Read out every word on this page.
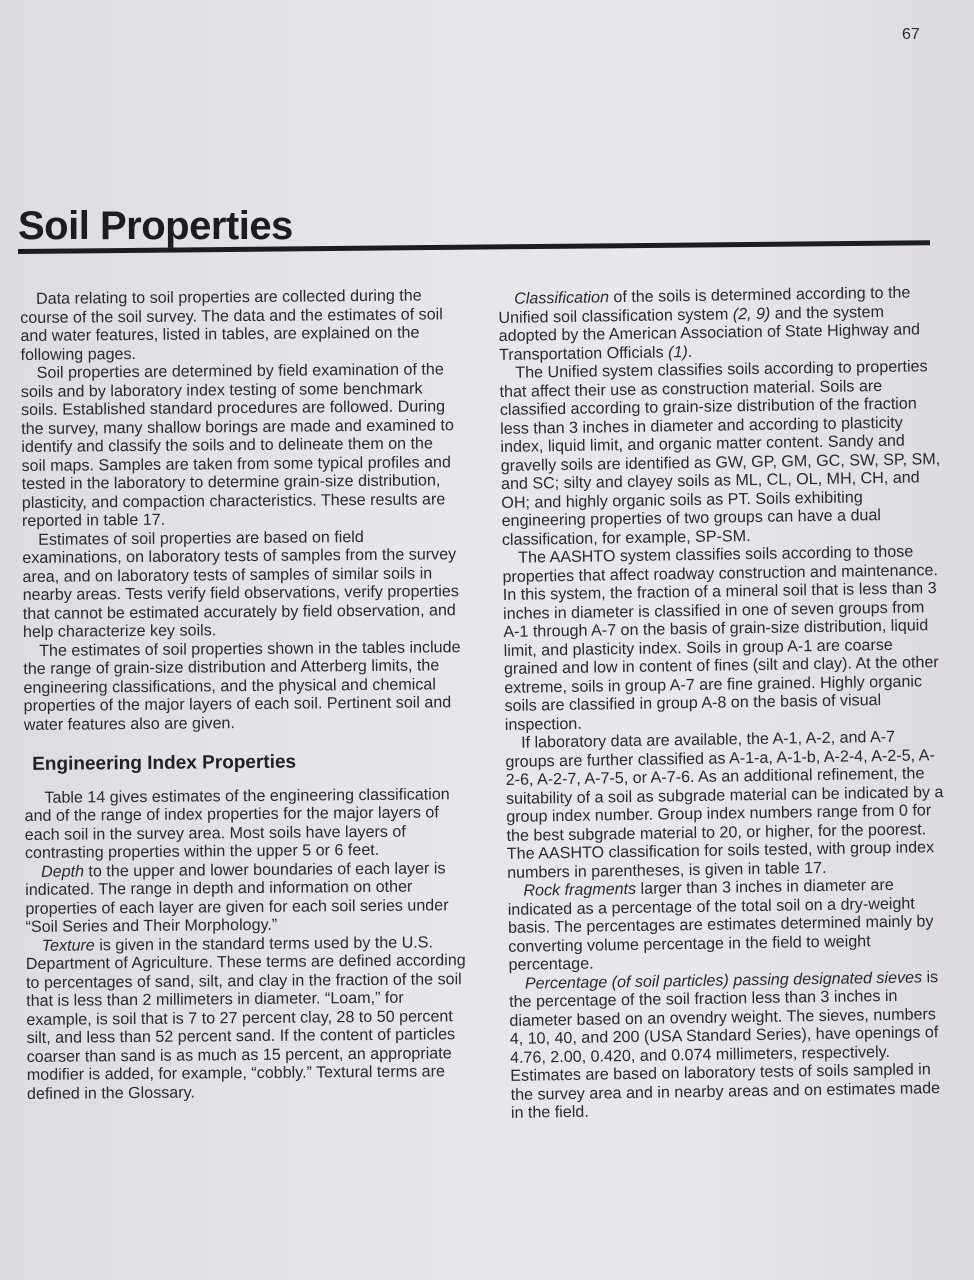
67
Soil Properties

Data relating to soil properties are collected during the course of the soil survey. The data and the estimates of soil and water features, listed in tables, are explained on the following pages.

Soil properties are determined by field examination of the soils and by laboratory index testing of some benchmark soils. Established standard procedures are followed. During the survey, many shallow borings are made and examined to identify and classify the soils and to delineate them on the soil maps. Samples are taken from some typical profiles and tested in the laboratory to determine grain-size distribution, plasticity, and compaction characteristics. These results are reported in table 17.

Estimates of soil properties are based on field examinations, on laboratory tests of samples from the survey area, and on laboratory tests of samples of similar soils in nearby areas. Tests verify field observations, verify properties that cannot be estimated accurately by field observation, and help characterize key soils.

The estimates of soil properties shown in the tables include the range of grain-size distribution and Atterberg limits, the engineering classifications, and the physical and chemical properties of the major layers of each soil. Pertinent soil and water features also are given.

Engineering Index Properties

Table 14 gives estimates of the engineering classification and of the range of index properties for the major layers of each soil in the survey area. Most soils have layers of contrasting properties within the upper 5 or 6 feet.

Depth to the upper and lower boundaries of each layer is indicated. The range in depth and information on other properties of each layer are given for each soil series under “Soil Series and Their Morphology.”

Texture is given in the standard terms used by the U.S. Department of Agriculture. These terms are defined according to percentages of sand, silt, and clay in the fraction of the soil that is less than 2 millimeters in diameter. “Loam,” for example, is soil that is 7 to 27 percent clay, 28 to 50 percent silt, and less than 52 percent sand. If the content of particles coarser than sand is as much as 15 percent, an appropriate modifier is added, for example, “cobbly.” Textural terms are defined in the Glossary.

Classification of the soils is determined according to the Unified soil classification system (2, 9) and the system adopted by the American Association of State Highway and Transportation Officials (1).

The Unified system classifies soils according to properties that affect their use as construction material. Soils are classified according to grain-size distribution of the fraction less than 3 inches in diameter and according to plasticity index, liquid limit, and organic matter content. Sandy and gravelly soils are identified as GW, GP, GM, GC, SW, SP, SM, and SC; silty and clayey soils as ML, CL, OL, MH, CH, and OH; and highly organic soils as PT. Soils exhibiting engineering properties of two groups can have a dual classification, for example, SP-SM.

The AASHTO system classifies soils according to those properties that affect roadway construction and maintenance. In this system, the fraction of a mineral soil that is less than 3 inches in diameter is classified in one of seven groups from A-1 through A-7 on the basis of grain-size distribution, liquid limit, and plasticity index. Soils in group A-1 are coarse grained and low in content of fines (silt and clay). At the other extreme, soils in group A-7 are fine grained. Highly organic soils are classified in group A-8 on the basis of visual inspection.

If laboratory data are available, the A-1, A-2, and A-7 groups are further classified as A-1-a, A-1-b, A-2-4, A-2-5, A-2-6, A-2-7, A-7-5, or A-7-6. As an additional refinement, the suitability of a soil as subgrade material can be indicated by a group index number. Group index numbers range from 0 for the best subgrade material to 20, or higher, for the poorest. The AASHTO classification for soils tested, with group index numbers in parentheses, is given in table 17.

Rock fragments larger than 3 inches in diameter are indicated as a percentage of the total soil on a dry-weight basis. The percentages are estimates determined mainly by converting volume percentage in the field to weight percentage.

Percentage (of soil particles) passing designated sieves is the percentage of the soil fraction less than 3 inches in diameter based on an ovendry weight. The sieves, numbers 4, 10, 40, and 200 (USA Standard Series), have openings of 4.76, 2.00, 0.420, and 0.074 millimeters, respectively. Estimates are based on laboratory tests of soils sampled in the survey area and in nearby areas and on estimates made in the field.
